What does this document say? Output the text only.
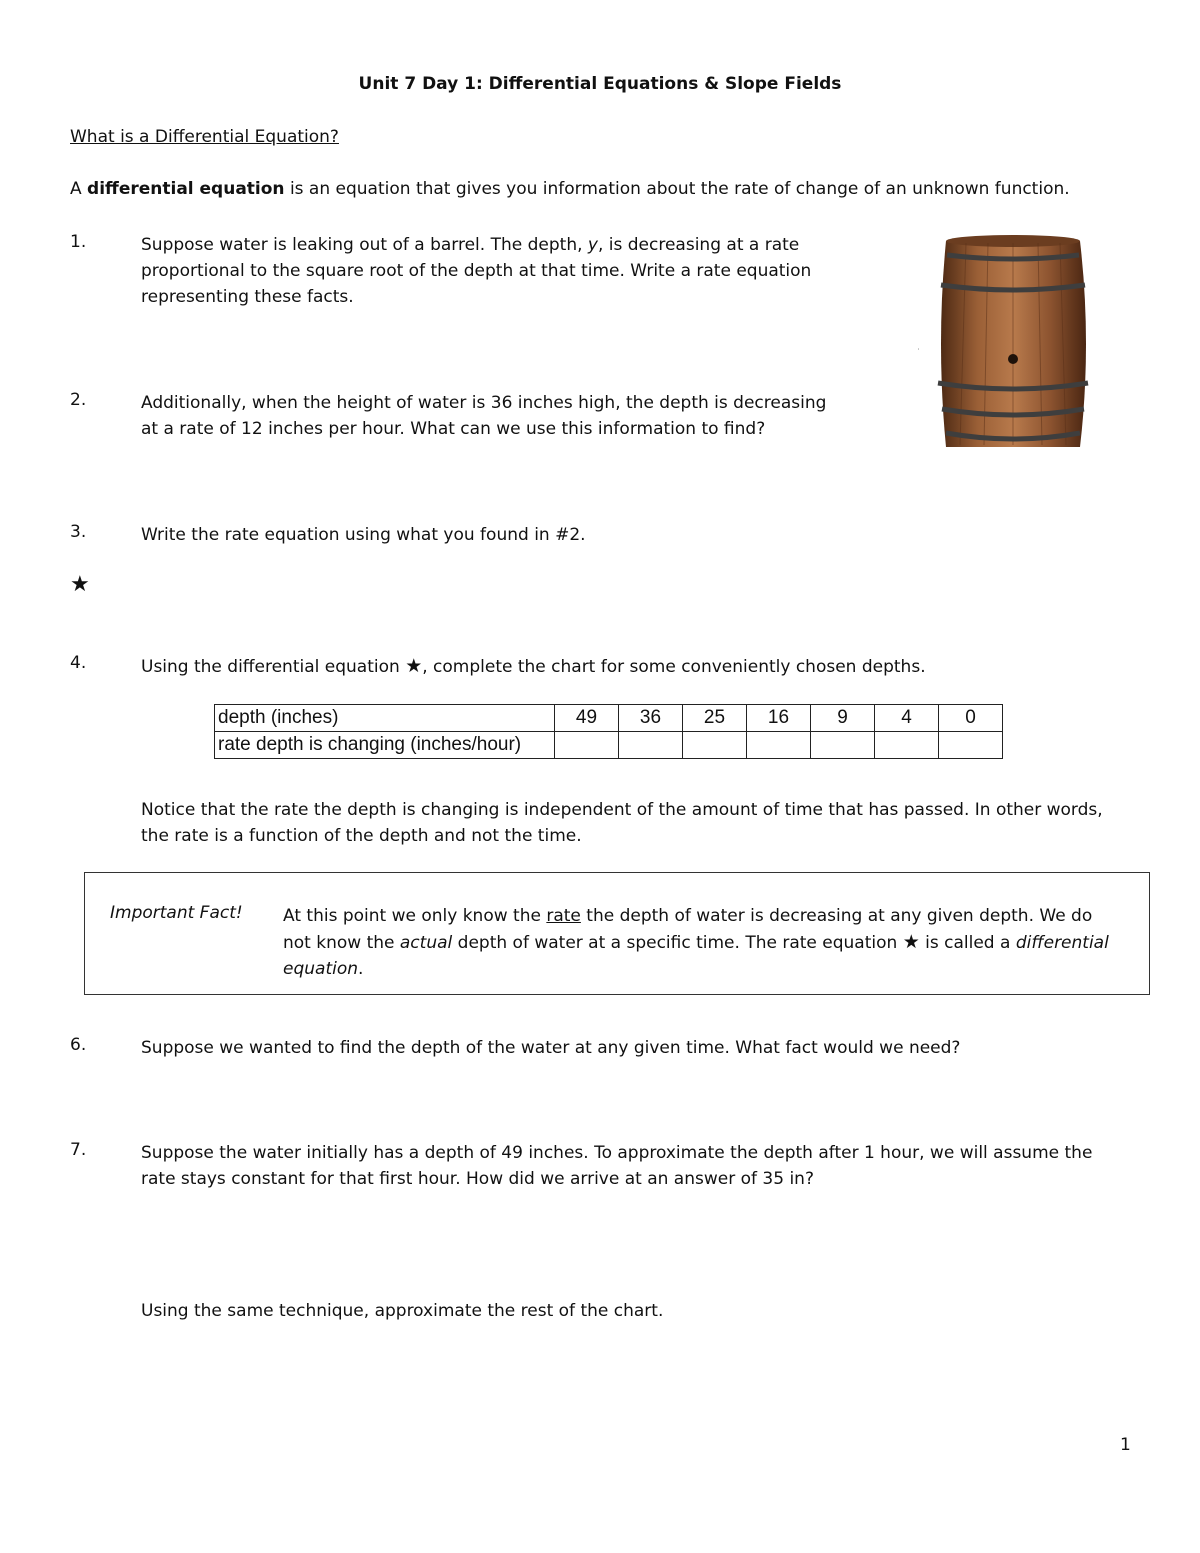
Unit 7 Day 1: Differential Equations & Slope Fields
What is a Differential Equation?
A differential equation is an equation that gives you information about the rate of change of an unknown function.
1.	Suppose water is leaking out of a barrel. The depth, y, is decreasing at a rate
proportional to the square root of the depth at that time. Write a rate equation
representing these facts.
2.	Additionally, when the height of water is 36 inches high, the depth is decreasing
at a rate of 12 inches per hour. What can we use this information to find?
3.	Write the rate equation using what you found in #2.
★
4.	Using the differential equation ★, complete the chart for some conveniently chosen depths.
depth (inches)	49	36	25	16	9	4	0
rate depth is changing (inches/hour)							
Notice that the rate the depth is changing is independent of the amount of time that has passed. In other words,
the rate is a function of the depth and not the time.
Important Fact! At this point we only know the rate the depth of water is decreasing at any given depth. We do
not know the actual depth of water at a specific time. The rate equation ★ is called a differential
equation.
6.	Suppose we wanted to find the depth of the water at any given time. What fact would we need?
7.	Suppose the water initially has a depth of 49 inches. To approximate the depth after 1 hour, we will assume the
rate stays constant for that first hour. How did we arrive at an answer of 35 in?
Using the same technique, approximate the rest of the chart.
1
